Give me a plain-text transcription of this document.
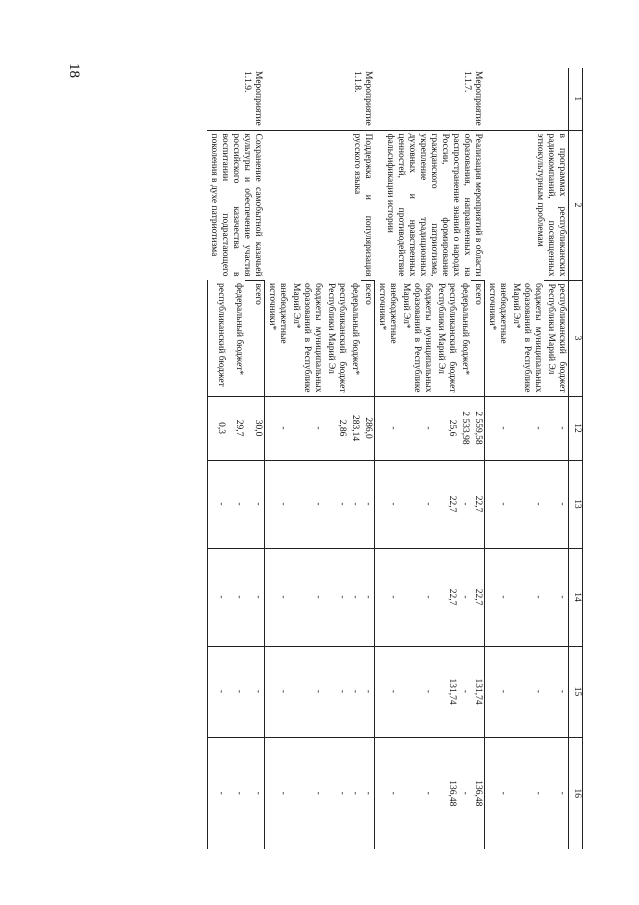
18
1	2	3	12	13	14	15	16
	в программах республиканских радиокомпаний, посвященных этнокультурным проблемам	республиканский бюджет Республики Марий Эл	-	-	-	-	-
		бюджеты муниципальных образований в Республике Марий Эл*	-	-	-	-	-
		внебюджетные источники*	-	-	-	-	-
Мероприятие 1.1.7.	Реализация мероприятий в области образования, направленных на распространение знаний о народах России, формирование гражданского патриотизма, укрепление традиционных духовных и нравственных ценностей, противодействие фальсификации истории	всего	2 559,58	22,7	22,7	131,74	136,48
		федеральный бюджет*	2 533,98	-	-	-	-
		республиканский бюджет Республики Марий Эл	25,6	22,7	22,7	131,74	136,48
		бюджеты муниципальных образований в Республике Марий Эл*	-	-	-	-	-
		внебюджетные источники*	-	-	-	-	-
Мероприятие 1.1.8.	Поддержка и популяризация русского языка	всего	286,0	-	-	-	-
		федеральный бюджет*	283,14	-	-	-	-
		республиканский бюджет Республики Марий Эл	2,86	-	-	-	-
		бюджеты муниципальных образований в Республике Марий Эл*	-	-	-	-	-
		внебюджетные источники*	-	-	-	-	-
Мероприятие 1.1.9.	Сохранение самобытной казачьей культуры и обеспечение участия российского казачества в воспитании подрастающего поколения в духе патриотизма	всего	30,0	-	-	-	-
		федеральный бюджет*	29,7	-	-	-	-
		республиканский бюджет	0,3	-	-	-	-
